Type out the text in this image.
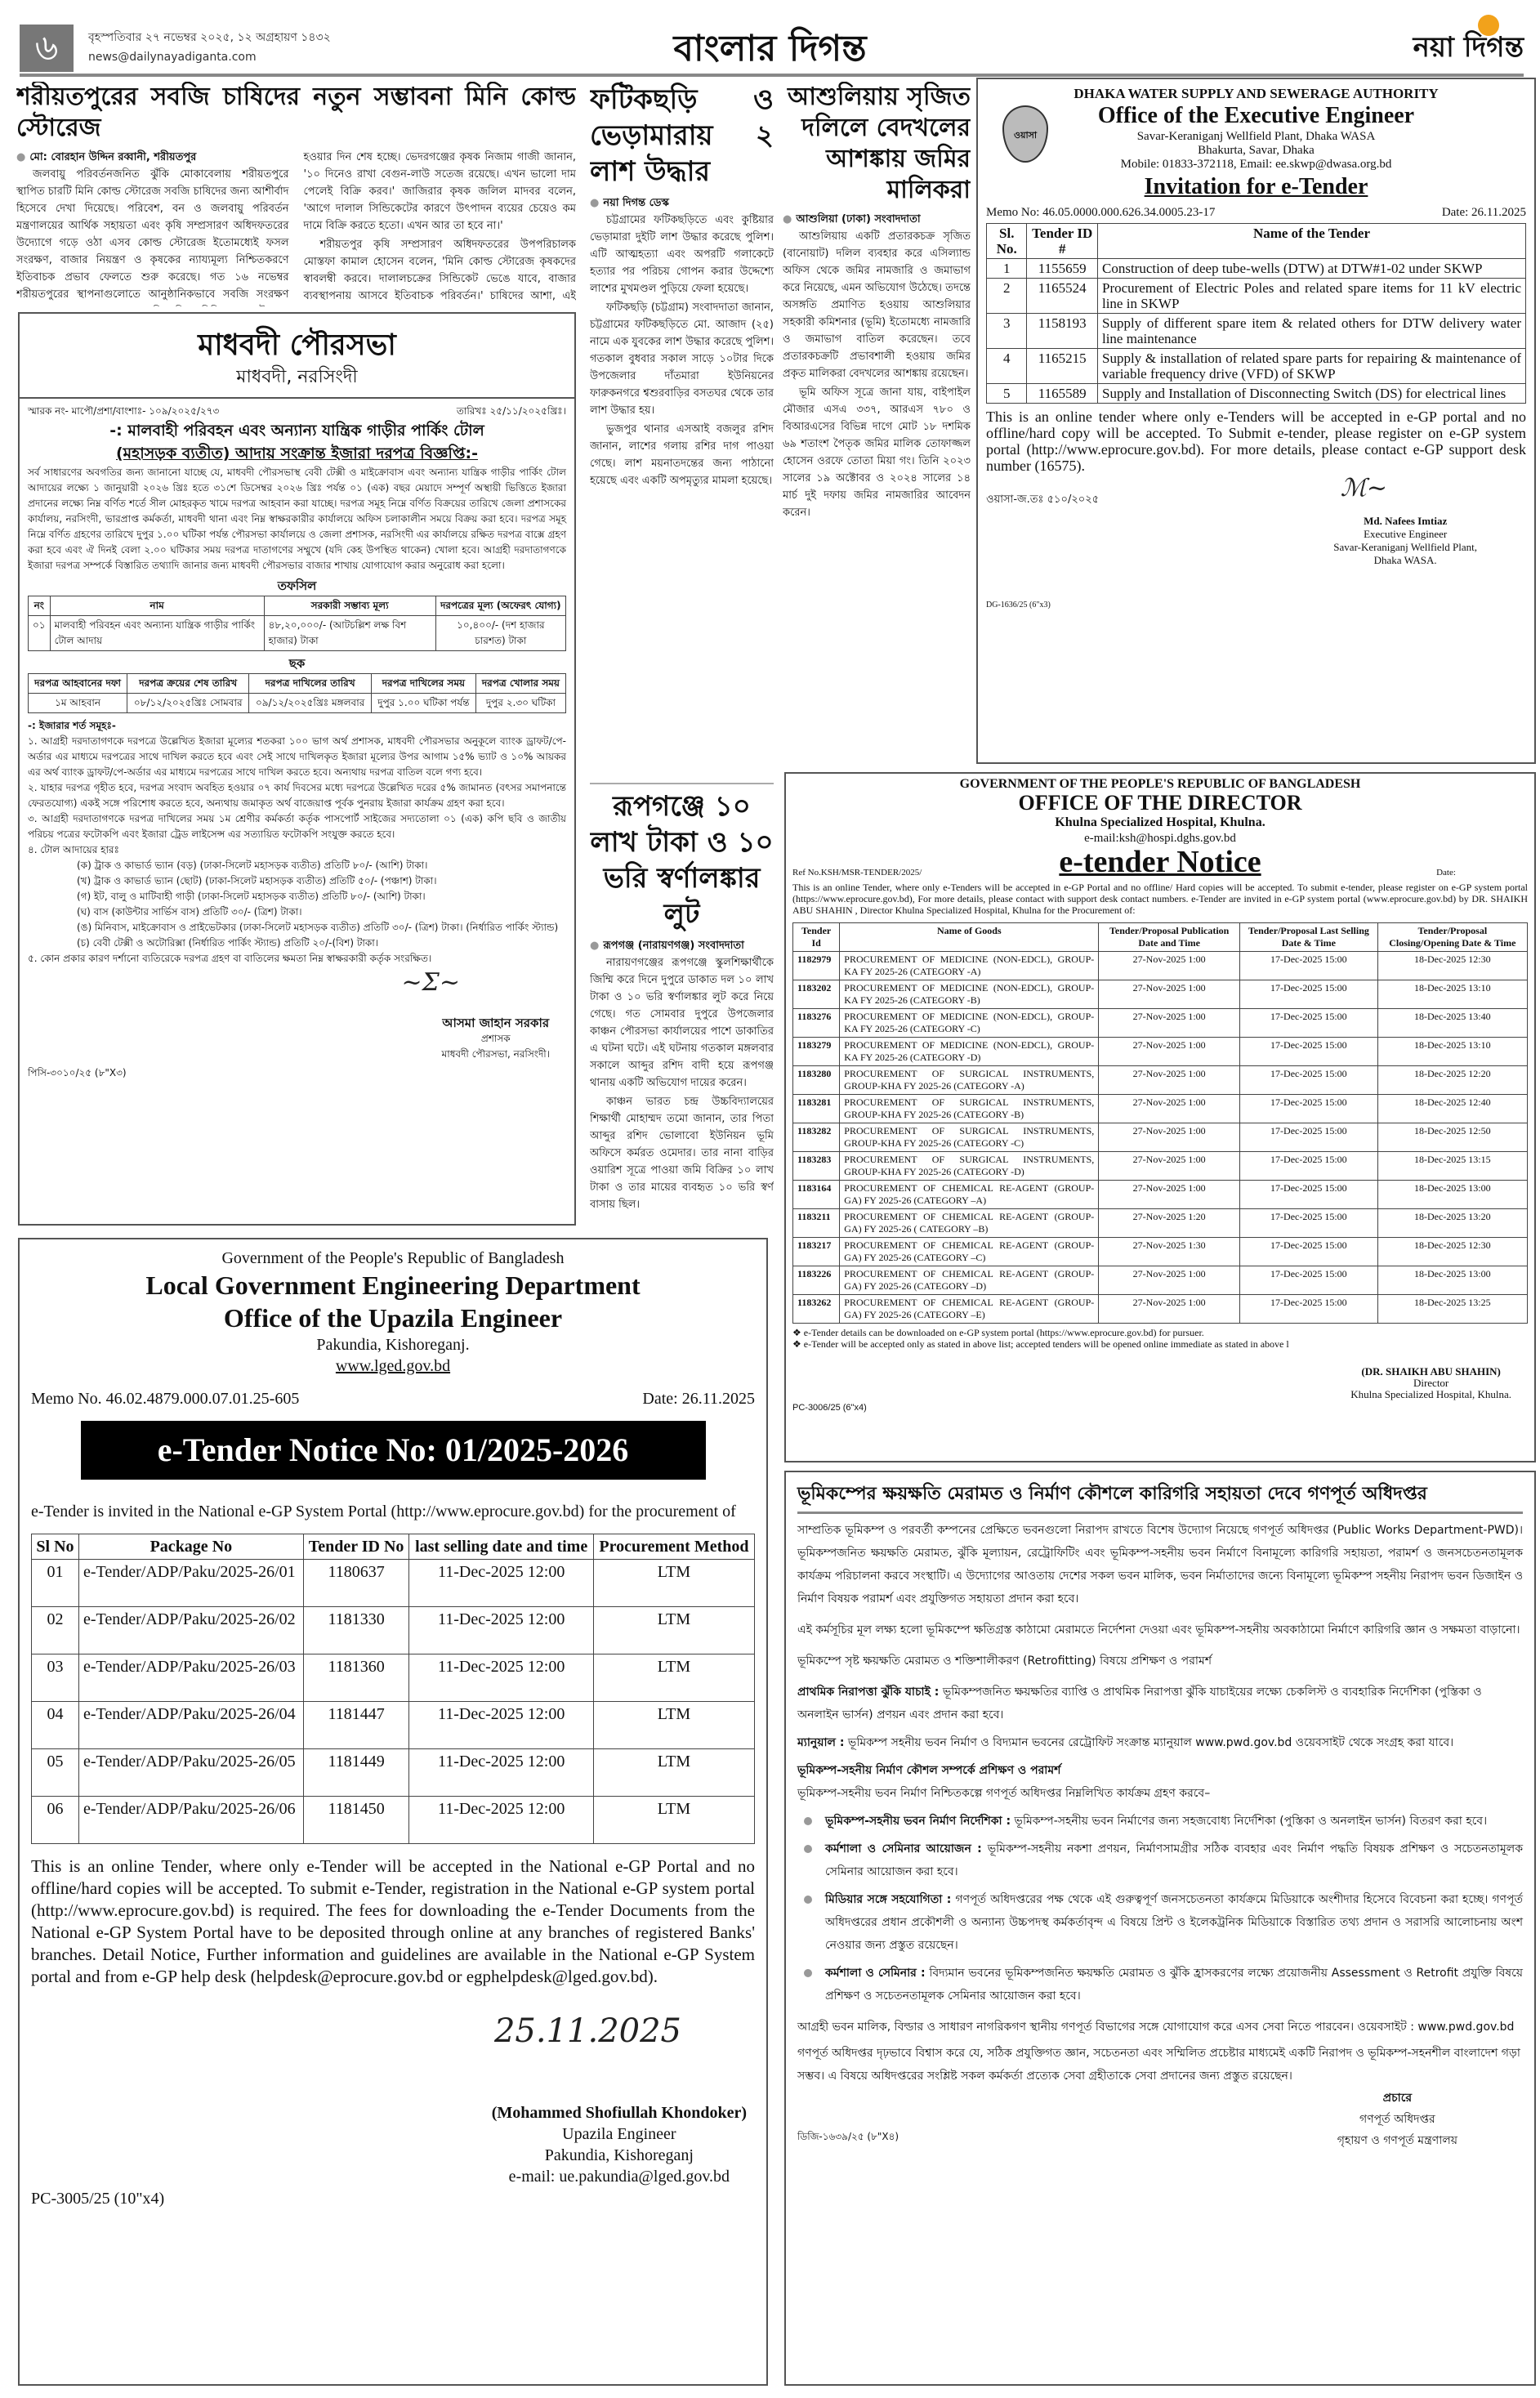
৬	বৃহস্পতিবার ২৭ নভেম্বর ২০২৫, ১২ অগ্রহায়ণ ১৪৩২
news@dailynayadiganta.com	বাংলার দিগন্ত	নয়া দিগন্ত
শরীয়তপুরের সবজি চাষিদের নতুন সম্ভাবনা মিনি কোল্ড স্টোরেজ
● মো: বোরহান উদ্দিন রব্বানী, শরীয়তপুর

জলবায়ু পরিবর্তনজনিত ঝুঁকি মোকাবেলায় শরীয়তপুরে স্থাপিত চারটি মিনি কোল্ড স্টোরেজ সবজি চাষিদের জন্য আশীর্বাদ হিসেবে দেখা দিয়েছে। পরিবেশ, বন ও জলবায়ু পরিবর্তন মন্ত্রণালয়ের আর্থিক সহায়তা এবং কৃষি সম্প্রসারণ অধিদফতরের উদ্যোগে গড়ে ওঠা এসব কোল্ড স্টোরেজ ইতোমধ্যেই ফসল সংরক্ষণ, বাজার নিয়ন্ত্রণ ও কৃষকের ন্যায্যমূল্য নিশ্চিতকরণে ইতিবাচক প্রভাব ফেলতে শুরু করেছে। গত ১৬ নভেম্বর শরীয়তপুরের স্থাপনাগুলোতে আনুষ্ঠানিকভাবে সবজি সংরক্ষণ হওয়ার দিন শেষ হচ্ছে। ভেদরগঞ্জের কৃষক নিজাম গাজী জানান, '১০ দিনেও রাখা বেগুন-লাউ সতেজ রয়েছে। এখন ভালো দাম পেলেই বিক্রি করব।' জাজিরার কৃষক জলিল মাদবর বলেন, 'আগে দালাল সিন্ডিকেটের কারণে উৎপাদন ব্যয়ের চেয়েও কম দামে বিক্রি করতে হতো। এখন আর তা হবে না।'

শরীয়তপুর কৃষি সম্প্রসারণ অধিদফতরের উপপরিচালক মোস্তফা কামাল হোসেন বলেন, 'মিনি কোল্ড স্টোরেজ কৃষকদের স্বাবলম্বী করবে। দালালচক্রের সিন্ডিকেট ভেঙে যাবে, বাজার ব্যবস্থাপনায় আসবে ইতিবাচক পরিবর্তন।' চাষিদের আশা, এই

ফটিকছড়ি ও ভেড়ামারায় ২ লাশ উদ্ধার
● নয়া দিগন্ত ডেস্ক

চট্টগ্রামের ফটিকছড়িতে এবং কুষ্টিয়ার ভেড়ামারা দুইটি লাশ উদ্ধার করেছে পুলিশ। এটি আত্মহত্যা এবং অপরটি গলাকেটে হত্যার পর পরিচয় গোপন করার উদ্দেশ্যে লাশের মুখমণ্ডল পুড়িয়ে ফেলা হয়েছে।

ফটিকছড়ি (চট্টগ্রাম) সংবাদদাতা জানান, চট্টগ্রামের ফটিকছড়িতে মো. আজাদ (২৫) নামে এক যুবকের লাশ উদ্ধার করেছে পুলিশ। গতকাল বুধবার সকাল সাড়ে ১০টার দিকে উপজেলার দাঁতমারা ইউনিয়নের ফারুকনগরে শ্বশুরবাড়ির বসতঘর থেকে তার লাশ উদ্ধার হয়।

ভুজপুর থানার এসআই বজলুর রশিদ জানান, লাশের গলায় রশির দাগ পাওয়া গেছে। লাশ ময়নাতদন্তের জন্য পাঠানো হয়েছে এবং একটি অপমৃত্যুর মামলা হয়েছে।

রূপগঞ্জে ১০ লাখ টাকা ও ১০ ভরি স্বর্ণালঙ্কার লুট
● রূপগঞ্জ (নারায়ণগঞ্জ) সংবাদদাতা

নারায়ণগঞ্জের রূপগঞ্জে স্কুলশিক্ষার্থীকে জিম্মি করে দিনে দুপুরে ডাকাত দল ১০ লাখ টাকা ও ১০ ভরি স্বর্ণালঙ্কার লুট করে নিয়ে গেছে। গত সোমবার দুপুরে উপজেলার কাঞ্চন পৌরসভা কার্যালয়ের পাশে ডাকাতির এ ঘটনা ঘটে। এই ঘটনায় গতকাল মঙ্গলবার সকালে আব্দুর রশিদ বাদী হয়ে রূপগঞ্জ থানায় একটি অভিযোগ দায়ের করেন।

কাঞ্চন ভারত চন্দ্র উচ্চবিদ্যালয়ের শিক্ষার্থী মোহাম্মদ তমো জানান, তার পিতা আব্দুর রশিদ ভোলাবো ইউনিয়ন ভূমি অফিসে কর্মরত ওমেদার। তার নানা বাড়ির ওয়ারিশ সূত্রে পাওয়া জমি বিক্রির ১০ লাখ টাকা ও তার মায়ের ব্যবহৃত ১০ ভরি স্বর্ণ বাসায় ছিল।

আশুলিয়ায় সৃজিত দলিলে বেদখলের আশঙ্কায় জমির মালিকরা
● আশুলিয়া (ঢাকা) সংবাদদাতা

আশুলিয়ায় একটি প্রতারকচক্র সৃজিত (বানোয়াট) দলিল ব্যবহার করে এসিল্যান্ড অফিস থেকে জমির নামজারি ও জমাভাগ করে নিয়েছে, এমন অভিযোগ উঠেছে। তদন্তে অসঙ্গতি প্রমাণিত হওয়ায় আশুলিয়ার সহকারী কমিশনার (ভূমি) ইতোমধ্যে নামজারি ও জমাভাগ বাতিল করেছেন। তবে প্রতারকচক্রটি প্রভাবশালী হওয়ায় জমির প্রকৃত মালিকরা বেদখলের আশঙ্কায় রয়েছেন।

ভূমি অফিস সূত্রে জানা যায়, বাইপাইল মৌজার এসএ ৩৩৭, আরএস ৭৮০ ও বিআরএসের বিভিন্ন দাগে মোট ১৮ দশমিক ৬৯ শতাংশ পৈতৃক জমির মালিক তোফাজ্জল হোসেন ওরফে তোতা মিয়া গং। তিনি ২০২৩ সালের ১৯ অক্টোবর ও ২০২৪ সালের ১৪ মার্চ দুই দফায় জমির নামজারির আবেদন করেন।

মাধবদী পৌরসভা
মাধবদী, নরসিংদী
স্মারক নং- মাপৌ/প্রশা/বাংশাঃ- ১০৯/২০২৫/২৭৩	তারিখঃ ২৫/১১/২০২৫খ্রিঃ।
-: মালবাহী পরিবহন এবং অন্যান্য যান্ত্রিক গাড়ীর পার্কিং টোল
(মহাসড়ক ব্যতীত) আদায় সংক্রান্ত ইজারা দরপত্র বিজ্ঞপ্তি:-

সর্ব সাধারণের অবগতির জন্য জানানো যাচ্ছে যে, মাধবদী পৌরসভাস্থ বেবী টেক্সী ও মাইক্রোবাস এবং অন্যান্য যান্ত্রিক গাড়ীর পার্কিং টোল আদায়ের লক্ষ্যে ১ জানুয়ারী ২০২৬ খ্রিঃ হতে ৩১শে ডিসেম্বর ২০২৬ খ্রিঃ পর্যন্ত ০১ (এক) বছর মেয়াদে সম্পূর্ণ অস্থায়ী ভিত্তিতে ইজারা প্রদানের লক্ষ্যে নিম্ন বর্ণিত শর্তে সীল মোহরকৃত খামে দরপত্র আহবান করা যাচ্ছে। দরপত্র সমূহ নিম্নে বর্ণিত বিক্রয়ের তারিখে জেলা প্রশাসকের কার্যালয়, নরসিংদী, ভারপ্রাপ্ত কর্মকর্তা, মাধবদী থানা এবং নিম্ন স্বাক্ষরকারীর কার্যালয়ে অফিস চলাকালীন সময়ে বিক্রয় করা হবে। দরপত্র সমূহ নিম্নে বর্ণিত গ্রহণের তারিখে দুপুর ১.০০ ঘটিকা পর্যন্ত পৌরসভা কার্যালয়ে ও জেলা প্রশাসক, নরসিংদী এর কার্যালয়ে রক্ষিত দরপত্র বাক্সে গ্রহণ করা হবে এবং ঐ দিনই বেলা ২.০০ ঘটিকার সময় দরপত্র দাতাগণের সম্মুখে (যদি কেহ উপস্থিত থাকেন) খোলা হবে। আগ্রহী দরদাতাগণকে ইজারা দরপত্র সম্পর্কে বিস্তারিত তথ্যাদি জানার জন্য মাধবদী পৌরসভার বাজার শাখায় যোগাযোগ করার অনুরোধ করা হলো।

তফসিল
নং	নাম	সরকারী সম্ভাব্য মূল্য	দরপত্রের মূল্য (অফেরৎ যোগ্য)
০১	মালবাহী পরিবহন এবং অন্যান্য যান্ত্রিক গাড়ীর পার্কিং টোল আদায়	৪৮,২০,০০০/- (আটচল্লিশ লক্ষ বিশ হাজার) টাকা	১০,৪০০/- (দশ হাজার চারশত) টাকা
ছক
দরপত্র আহবানের দফা	দরপত্র ক্রয়ের শেষ তারিখ	দরপত্র দাখিলের তারিখ	দরপত্র দাখিলের সময়	দরপত্র খোলার সময়
১ম আহবান	০৮/১২/২০২৫খ্রিঃ সোমবার	০৯/১২/২০২৫খ্রিঃ মঙ্গলবার	দুপুর ১.০০ ঘটিকা পর্যন্ত	দুপুর ২.৩০ ঘটিকা
-: ইজারার শর্ত সমূহঃ-
১. আগ্রহী দরদাতাগণকে দরপত্রে উল্লেখিত ইজারা মূল্যের শতকরা ১০০ ভাগ অর্থ প্রশাসক, মাধবদী পৌরসভার অনুকূলে ব্যাংক ড্রাফট/পে-অর্ডার এর মাধ্যমে দরপত্রের সাথে দাখিল করতে হবে এবং সেই সাথে দাখিলকৃত ইজারা মূল্যের উপর আগাম ১৫% ভ্যাট ও ১০% আয়কর এর অর্থ ব্যাংক ড্রাফট/পে-অর্ডার এর মাধ্যমে দরপত্রের সাথে দাখিল করতে হবে। অন্যথায় দরপত্র বাতিল বলে গণ্য হবে।
২. যাহার দরপত্র গৃহীত হবে, দরপত্র সংবাদ অবহিত হওয়ার ০৭ কার্য দিবসের মধ্যে দরপত্রে উল্লেখিত দরের ৫% জামানত (বৎসর সমাপনান্তে ফেরতযোগ্য) একই সঙ্গে পরিশোধ করতে হবে, অন্যথায় জমাকৃত অর্থ বাজেয়াপ্ত পূর্বক পুনরায় ইজারা কার্যক্রম গ্রহণ করা হবে।
৩. আগ্রহী দরদাতাগণকে দরপত্র দাখিলের সময় ১ম শ্রেণীর কর্মকর্তা কর্তৃক পাসপোর্ট সাইজের সদ্যতোলা ০১ (এক) কপি ছবি ও জাতীয় পরিচয় পত্রের ফটোকপি এবং ইজারা ট্রেড লাইসেন্স এর সত্যায়িত ফটোকপি সংযুক্ত করতে হবে।
৪. টোল আদায়ের হারঃ
(ক) ট্রাক ও কাভার্ড ভ্যান (বড়) (ঢাকা-সিলেট মহাসড়ক ব্যতীত) প্রতিটি ৮০/- (আশি) টাকা।
(খ) ট্রাক ও কাভার্ড ভ্যান (ছোট) (ঢাকা-সিলেট মহাসড়ক ব্যতীত) প্রতিটি ৫০/- (পঞ্চাশ) টাকা।
(গ) ইট, বালু ও মাটিবাহী গাড়ী (ঢাকা-সিলেট মহাসড়ক ব্যতীত) প্রতিটি ৮০/- (আশি) টাকা।
(ঘ) বাস (কাউন্টার সার্ভিস বাস) প্রতিটি ৩০/- (ত্রিশ) টাকা।
(ঙ) মিনিবাস, মাইক্রোবাস ও প্রাইভেটকার (ঢাকা-সিলেট মহাসড়ক ব্যতীত) প্রতিটি ৩০/- (ত্রিশ) টাকা। (নির্ধারিত পার্কিং স্ট্যান্ড)
(চ) বেবী টেক্সী ও অটোরিক্সা (নির্ধারিত পার্কিং স্ট্যান্ড) প্রতিটি ২০/-(বিশ) টাকা।
৫. কোন প্রকার কারণ দর্শানো ব্যতিরেকে দরপত্র গ্রহণ বা বাতিলের ক্ষমতা নিম্ন স্বাক্ষরকারী কর্তৃক সংরক্ষিত।
~Ʃ~
আসমা জাহান সরকার
প্রশাসক
মাধবদী পৌরসভা, নরসিংদী।
পিসি-৩০১০/২৫ (৮"X৩)
DHAKA WATER SUPPLY AND SEWERAGE AUTHORITY
ওয়াসা
Office of the Executive Engineer
Savar-Keraniganj Wellfield Plant, Dhaka WASA
Bhakurta, Savar, Dhaka
Mobile: 01833-372118, Email: ee.skwp@dwasa.org.bd
Invitation for e-Tender
Memo No: 46.05.0000.000.626.34.0005.23-17	Date: 26.11.2025
Sl. No.	Tender ID #	Name of the Tender
1	1155659	Construction of deep tube-wells (DTW) at DTW#1-02 under SKWP
2	1165524	Procurement of Electric Poles and related spare items for 11 kV electric line in SKWP
3	1158193	Supply of different spare item & related others for DTW delivery water line maintenance
4	1165215	Supply & installation of related spare parts for repairing & maintenance of variable frequency drive (VFD) of SKWP
5	1165589	Supply and Installation of Disconnecting Switch (DS) for electrical lines

This is an online tender where only e-Tenders will be accepted in e-GP portal and no offline/hard copy will be accepted. To Submit e-tender, please register on e-GP system portal (http://www.eprocure.gov.bd). For more details, please contact e-GP support desk number (16575).

ওয়াসা-জ.তঃ ৫১০/২০২৫	ℳ~
Md. Nafees Imtiaz
Executive Engineer
Savar-Keraniganj Wellfield Plant,
Dhaka WASA.
DG-1636/25 (6"x3)
GOVERNMENT OF THE PEOPLE'S REPUBLIC OF BANGLADESH
OFFICE OF THE DIRECTOR
Khulna Specialized Hospital, Khulna.
e-mail:ksh@hospi.dghs.gov.bd
Ref No.KSH/MSR-TENDER/2025/	e-tender Notice	Date:

This is an online Tender, where only e-Tenders will be accepted in e-GP Portal and no offline/ Hard copies will be accepted. To submit e-tender, please register on e-GP system portal (https://www.eprocure.gov.bd), For more details, please contact with support desk contact numbers. e-Tender are invited in e-GP system portal (www.eprocure.gov.bd) by DR. SHAIKH ABU SHAHIN , Director Khulna Specialized Hospital, Khulna for the Procurement of:

Tender Id	Name of Goods	Tender/Proposal Publication Date and Time	Tender/Proposal Last Selling Date & Time	Tender/Proposal Closing/Opening Date & Time
1182979	PROCUREMENT OF MEDICINE (NON-EDCL), GROUP-KA FY 2025-26 (CATEGORY -A)	27-Nov-2025 1:00	17-Dec-2025 15:00	18-Dec-2025 12:30
1183202	PROCUREMENT OF MEDICINE (NON-EDCL), GROUP-KA FY 2025-26 (CATEGORY -B)	27-Nov-2025 1:00	17-Dec-2025 15:00	18-Dec-2025 13:10
1183276	PROCUREMENT OF MEDICINE (NON-EDCL), GROUP-KA FY 2025-26 (CATEGORY -C)	27-Nov-2025 1:00	17-Dec-2025 15:00	18-Dec-2025 13:40
1183279	PROCUREMENT OF MEDICINE (NON-EDCL), GROUP-KA FY 2025-26 (CATEGORY -D)	27-Nov-2025 1:00	17-Dec-2025 15:00	18-Dec-2025 13:10
1183280	PROCUREMENT OF SURGICAL INSTRUMENTS, GROUP-KHA FY 2025-26 (CATEGORY -A)	27-Nov-2025 1:00	17-Dec-2025 15:00	18-Dec-2025 12:20
1183281	PROCUREMENT OF SURGICAL INSTRUMENTS, GROUP-KHA FY 2025-26 (CATEGORY -B)	27-Nov-2025 1:00	17-Dec-2025 15:00	18-Dec-2025 12:40
1183282	PROCUREMENT OF SURGICAL INSTRUMENTS, GROUP-KHA FY 2025-26 (CATEGORY -C)	27-Nov-2025 1:00	17-Dec-2025 15:00	18-Dec-2025 12:50
1183283	PROCUREMENT OF SURGICAL INSTRUMENTS, GROUP-KHA FY 2025-26 (CATEGORY -D)	27-Nov-2025 1:00	17-Dec-2025 15:00	18-Dec-2025 13:15
1183164	PROCUREMENT OF CHEMICAL RE-AGENT (GROUP-GA) FY 2025-26 (CATEGORY –A)	27-Nov-2025 1:00	17-Dec-2025 15:00	18-Dec-2025 13:00
1183211	PROCUREMENT OF CHEMICAL RE-AGENT (GROUP-GA) FY 2025-26 ( CATEGORY –B)	27-Nov-2025 1:20	17-Dec-2025 15:00	18-Dec-2025 13:20
1183217	PROCUREMENT OF CHEMICAL RE-AGENT (GROUP-GA) FY 2025-26 (CATEGORY –C)	27-Nov-2025 1:30	17-Dec-2025 15:00	18-Dec-2025 12:30
1183226	PROCUREMENT OF CHEMICAL RE-AGENT (GROUP-GA) FY 2025-26 (CATEGORY –D)	27-Nov-2025 1:00	17-Dec-2025 15:00	18-Dec-2025 13:00
1183262	PROCUREMENT OF CHEMICAL RE-AGENT (GROUP-GA) FY 2025-26 (CATEGORY –E)	27-Nov-2025 1:00	17-Dec-2025 15:00	18-Dec-2025 13:25
❖ e-Tender details can be downloaded on e-GP system portal (https://www.eprocure.gov.bd) for pursuer.
❖ e-Tender will be accepted only as stated in above list; accepted tenders will be opened online immediate as stated in above l
(DR. SHAIKH ABU SHAHIN)
Director
Khulna Specialized Hospital, Khulna.
PC-3006/25 (6"x4)
Government of the People's Republic of Bangladesh
Local Government Engineering Department
Office of the Upazila Engineer
Pakundia, Kishoreganj.
www.lged.gov.bd
Memo No. 46.02.4879.000.07.01.25-605	Date: 26.11.2025
e-Tender Notice No: 01/2025-2026

e-Tender is invited in the National e-GP System Portal (http://www.eprocure.gov.bd) for the procurement of

Sl No	Package No	Tender ID No	last selling date and time	Procurement Method
01	e-Tender/ADP/Paku/2025-26/01	1180637	11-Dec-2025 12:00	LTM
02	e-Tender/ADP/Paku/2025-26/02	1181330	11-Dec-2025 12:00	LTM
03	e-Tender/ADP/Paku/2025-26/03	1181360	11-Dec-2025 12:00	LTM
04	e-Tender/ADP/Paku/2025-26/04	1181447	11-Dec-2025 12:00	LTM
05	e-Tender/ADP/Paku/2025-26/05	1181449	11-Dec-2025 12:00	LTM
06	e-Tender/ADP/Paku/2025-26/06	1181450	11-Dec-2025 12:00	LTM

This is an online Tender, where only e-Tender will be accepted in the National e-GP Portal and no offline/hard copies will be accepted. To submit e-Tender, registration in the National e-GP system portal (http://www.eprocure.gov.bd) is required. The fees for downloading the e-Tender Documents from the National e-GP System Portal have to be deposited through online at any branches of registered Banks' branches. Detail Notice, Further information and guidelines are available in the National e-GP System portal and from e-GP help desk (helpdesk@eprocure.gov.bd or egphelpdesk@lged.gov.bd).

25.11.2025
(Mohammed Shofiullah Khondoker)
Upazila Engineer
Pakundia, Kishoreganj
e-mail: ue.pakundia@lged.gov.bd
PC-3005/25 (10"x4)
ভূমিকম্পের ক্ষয়ক্ষতি মেরামত ও নির্মাণ কৌশলে কারিগরি সহায়তা দেবে গণপূর্ত অধিদপ্তর

সাম্প্রতিক ভূমিকম্প ও পরবর্তী কম্পনের প্রেক্ষিতে ভবনগুলো নিরাপদ রাখতে বিশেষ উদ্যোগ নিয়েছে গণপূর্ত অধিদপ্তর (Public Works Department-PWD)। ভূমিকম্পজনিত ক্ষয়ক্ষতি মেরামত, ঝুঁকি মূল্যায়ন, রেট্রোফিটিং এবং ভূমিকম্প-সহনীয় ভবন নির্মাণে বিনামূল্যে কারিগরি সহায়তা, পরামর্শ ও জনসচেতনতামূলক কার্যক্রম পরিচালনা করবে সংস্থাটি। এ উদ্যোগের আওতায় দেশের সকল ভবন মালিক, ভবন নির্মাতাদের জন্যে বিনামূল্যে ভূমিকম্প সহনীয় নিরাপদ ভবন ডিজাইন ও নির্মাণ বিষয়ক পরামর্শ এবং প্রযুক্তিগত সহায়তা প্রদান করা হবে।

এই কর্মসূচির মূল লক্ষ্য হলো ভূমিকম্পে ক্ষতিগ্রস্ত কাঠামো মেরামতে নির্দেশনা দেওয়া এবং ভূমিকম্প-সহনীয় অবকাঠামো নির্মাণে কারিগরি জ্ঞান ও সক্ষমতা বাড়ানো।

ভূমিকম্পে সৃষ্ট ক্ষয়ক্ষতি মেরামত ও শক্তিশালীকরণ (Retrofitting) বিষয়ে প্রশিক্ষণ ও পরামর্শ

প্রাথমিক নিরাপত্তা ঝুঁকি যাচাই : ভূমিকম্পজনিত ক্ষয়ক্ষতির ব্যাপ্তি ও প্রাথমিক নিরাপত্তা ঝুঁকি যাচাইয়ের লক্ষ্যে চেকলিস্ট ও ব্যবহারিক নির্দেশিকা (পুস্তিকা ও অনলাইন ভার্সন) প্রণয়ন এবং প্রদান করা হবে।

ম্যানুয়াল : ভূমিকম্প সহনীয় ভবন নির্মাণ ও বিদ্যমান ভবনের রেট্রোফিট সংক্রান্ত ম্যানুয়াল www.pwd.gov.bd ওয়েবসাইট থেকে সংগ্রহ করা যাবে।

ভূমিকম্প-সহনীয় নির্মাণ কৌশল সম্পর্কে প্রশিক্ষণ ও পরামর্শ

ভূমিকম্প-সহনীয় ভবন নির্মাণ নিশ্চিতকল্পে গণপূর্ত অধিদপ্তর নিম্নলিখিত কার্যক্রম গ্রহণ করবে–

ভূমিকম্প-সহনীয় ভবন নির্মাণ নির্দেশিকা : ভূমিকম্প-সহনীয় ভবন নির্মাণের জন্য সহজবোধ্য নির্দেশিকা (পুস্তিকা ও অনলাইন ভার্সন) বিতরণ করা হবে।

কর্মশালা ও সেমিনার আয়োজন : ভূমিকম্প-সহনীয় নকশা প্রণয়ন, নির্মাণসামগ্রীর সঠিক ব্যবহার এবং নির্মাণ পদ্ধতি বিষয়ক প্রশিক্ষণ ও সচেতনতামূলক সেমিনার আয়োজন করা হবে।

মিডিয়ার সঙ্গে সহযোগিতা : গণপূর্ত অধিদপ্তরের পক্ষ থেকে এই গুরুত্বপূর্ণ জনসচেতনতা কার্যক্রমে মিডিয়াকে অংশীদার হিসেবে বিবেচনা করা হচ্ছে। গণপূর্ত অধিদপ্তরের প্রধান প্রকৌশলী ও অন্যান্য উচ্চপদস্থ কর্মকর্তাবৃন্দ এ বিষয়ে প্রিন্ট ও ইলেকট্রনিক মিডিয়াকে বিস্তারিত তথ্য প্রদান ও সরাসরি আলোচনায় অংশ নেওয়ার জন্য প্রস্তুত রয়েছেন।

কর্মশালা ও সেমিনার : বিদ্যমান ভবনের ভূমিকম্পজনিত ক্ষয়ক্ষতি মেরামত ও ঝুঁকি হ্রাসকরণের লক্ষ্যে প্রয়োজনীয় Assessment ও Retrofit প্রযুক্তি বিষয়ে প্রশিক্ষণ ও সচেতনতামূলক সেমিনার আয়োজন করা হবে।

আগ্রহী ভবন মালিক, বিল্ডার ও সাধারণ নাগরিকগণ স্থানীয় গণপূর্ত বিভাগের সঙ্গে যোগাযোগ করে এসব সেবা নিতে পারবেন। ওয়েবসাইট : www.pwd.gov.bd

গণপূর্ত অধিদপ্তর দৃঢ়ভাবে বিশ্বাস করে যে, সঠিক প্রযুক্তিগত জ্ঞান, সচেতনতা এবং সম্মিলিত প্রচেষ্টার মাধ্যমেই একটি নিরাপদ ও ভূমিকম্প-সহনশীল বাংলাদেশ গড়া সম্ভব। এ বিষয়ে অধিদপ্তরের সংশ্লিষ্ট সকল কর্মকর্তা প্রত্যেক সেবা গ্রহীতাকে সেবা প্রদানের জন্য প্রস্তুত রয়েছেন।

প্রচারে
গণপূর্ত অধিদপ্তর
গৃহায়ণ ও গণপূর্ত মন্ত্রণালয়
ডিজি-১৬৩৯/২৫ (৮"X৪)
